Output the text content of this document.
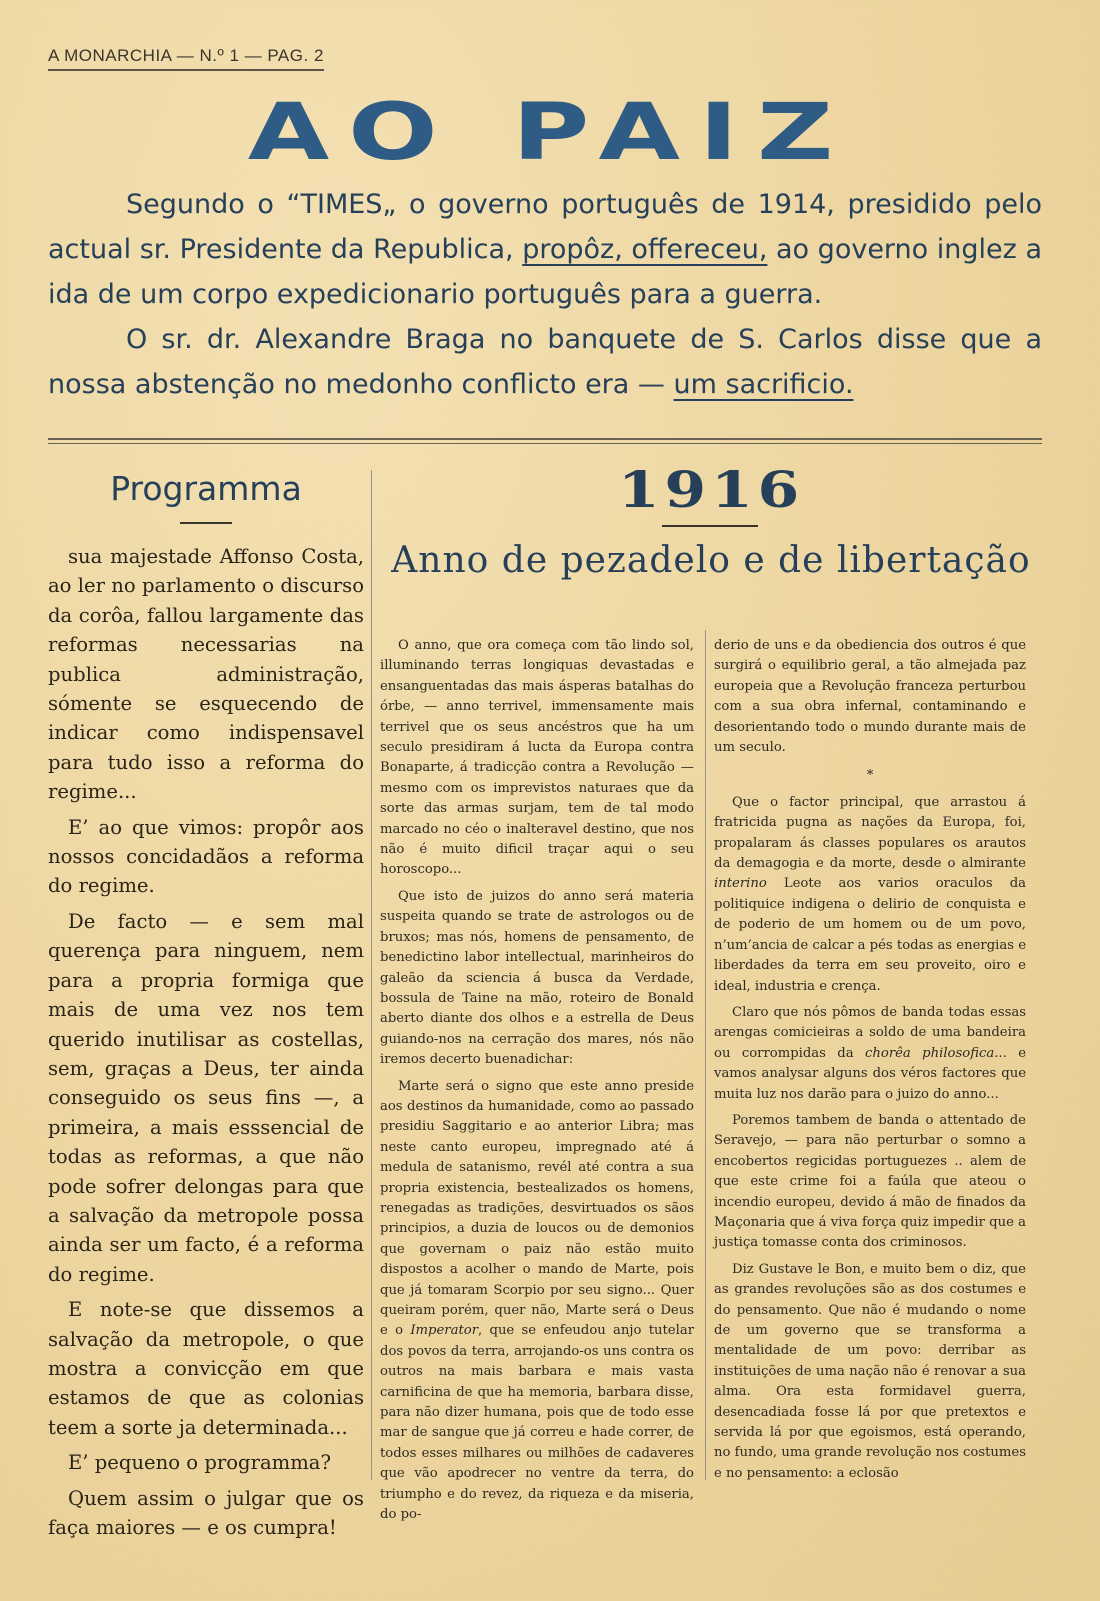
A MONARCHIA — N.º 1 — PAG. 2
AO PAIZ

Segundo o “TIMES„ o governo português de 1914, presidido pelo actual sr. Presidente da Republica, propôz, offereceu, ao governo inglez a ida de um corpo expedicionario português para a guerra.

O sr. dr. Alexandre Braga no banquete de S. Carlos disse que a nossa abstenção no medonho conflicto era — um sacrificio.

Programma

sua majestade Affonso Costa, ao ler no parlamento o discurso da corôa, fallou largamente das reformas necessarias na publica administração, sómente se esquecendo de indicar como indispensavel para tudo isso a reforma do regime...

E’ ao que vimos: propôr aos nossos concidadãos a reforma do regime.

De facto — e sem mal querença para ninguem, nem para a propria formiga que mais de uma vez nos tem querido inutilisar as costellas, sem, graças a Deus, ter ainda conseguido os seus fins —, a primeira, a mais esssencial de todas as reformas, a que não pode sofrer delongas para que a salvação da metropole possa ainda ser um facto, é a reforma do regime.

E note-se que dissemos a salvação da metropole, o que mostra a convicção em que estamos de que as colonias teem a sorte ja determinada...

E’ pequeno o programma?

Quem assim o julgar que os faça maiores — e os cumpra!

1916
Anno de pezadelo e de libertação

O anno, que ora começa com tão lindo sol, illuminando terras longiquas devastadas e ensanguentadas das mais ásperas batalhas do órbe, — anno terrivel, immensamente mais terrivel que os seus ancéstros que ha um seculo presidiram á lucta da Europa contra Bonaparte, á tradicção contra a Revolução — mesmo com os imprevistos naturaes que da sorte das armas surjam, tem de tal modo marcado no céo o inalteravel destino, que nos não é muito dificil traçar aqui o seu horoscopo...

Que isto de juizos do anno será materia suspeita quando se trate de astrologos ou de bruxos; mas nós, homens de pensamento, de benedictino labor intellectual, marinheiros do galeão da sciencia á busca da Verdade, bossula de Taine na mão, roteiro de Bonald aberto diante dos olhos e a estrella de Deus guiando-nos na cerração dos mares, nós não iremos decerto buenadichar:

Marte será o signo que este anno preside aos destinos da humanidade, como ao passado presidiu Saggitario e ao anterior Libra; mas neste canto europeu, impregnado até á medula de satanismo, revél até contra a sua propria existencia, bestealizados os homens, renegadas as tradições, desvirtuados os sãos principios, a duzia de loucos ou de demonios que governam o paiz não estão muito dispostos a acolher o mando de Marte, pois que já tomaram Scorpio por seu signo... Quer queiram porém, quer não, Marte será o Deus e o Imperator, que se enfeudou anjo tutelar dos povos da terra, arrojando-os uns contra os outros na mais barbara e mais vasta carnificina de que ha memoria, barbara disse, para não dizer humana, pois que de todo esse mar de sangue que já correu e hade correr, de todos esses milhares ou milhões de cadaveres que vão apodrecer no ventre da terra, do triumpho e do revez, da riqueza e da miseria, do po-

derio de uns e da obediencia dos outros é que surgirá o equilibrio geral, a tão almejada paz europeia que a Revolução franceza perturbou com a sua obra infernal, contaminando e desorientando todo o mundo durante mais de um seculo.

*

Que o factor principal, que arrastou á fratricida pugna as nações da Europa, foi, propalaram ás classes populares os arautos da demagogia e da morte, desde o almirante interino Leote aos varios oraculos da politiquice indigena o delirio de conquista e de poderio de um homem ou de um povo, n’um’ancia de calcar a pés todas as energias e liberdades da terra em seu proveito, oiro e ideal, industria e crença.

Claro que nós pômos de banda todas essas arengas comicieiras a soldo de uma bandeira ou corrompidas da chorêa philosofica... e vamos analysar alguns dos véros factores que muita luz nos darão para o juizo do anno...

Poremos tambem de banda o attentado de Seravejo, — para não perturbar o somno a encobertos regicidas portuguezes .. alem de que este crime foi a faúla que ateou o incendio europeu, devido á mão de finados da Maçonaria que á viva força quiz impedir que a justiça tomasse conta dos criminosos.

Diz Gustave le Bon, e muito bem o diz, que as grandes revoluções são as dos costumes e do pensamento. Que não é mudando o nome de um governo que se transforma a mentalidade de um povo: derribar as instituições de uma nação não é renovar a sua alma. Ora esta formidavel guerra, desencadiada fosse lá por que pretextos e servida lá por que egoismos, está operando, no fundo, uma grande revolução nos costumes e no pensamento: a eclosão
